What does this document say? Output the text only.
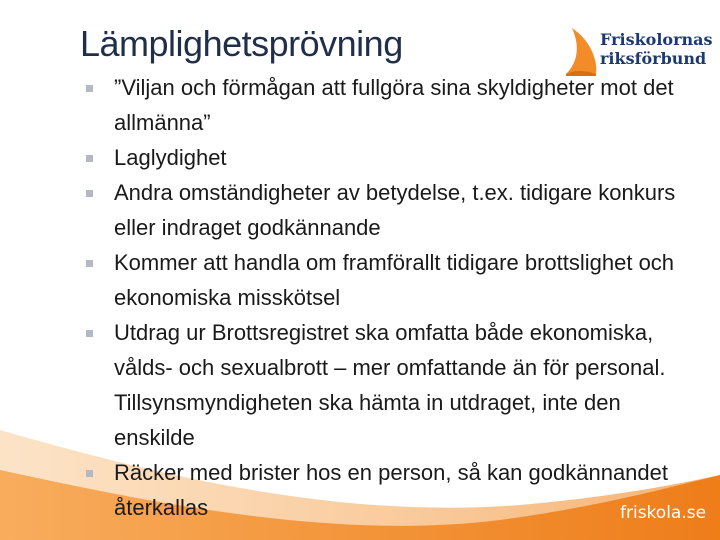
Lämplighetsprövning	Friskolornas
riksförbund
”Viljan och förmågan att fullgöra sina skyldigheter mot det allmänna”
Laglydighet
Andra omständigheter av betydelse, t.ex. tidigare konkurs eller indraget godkännande
Kommer att handla om framförallt tidigare brottslighet och ekonomiska misskötsel
Utdrag ur Brottsregistret ska omfatta både ekonomiska, vålds- och sexualbrott – mer omfattande än för personal. Tillsynsmyndigheten ska hämta in utdraget, inte den enskilde
Räcker med brister hos en person, så kan godkännandet återkallas	friskola.se
